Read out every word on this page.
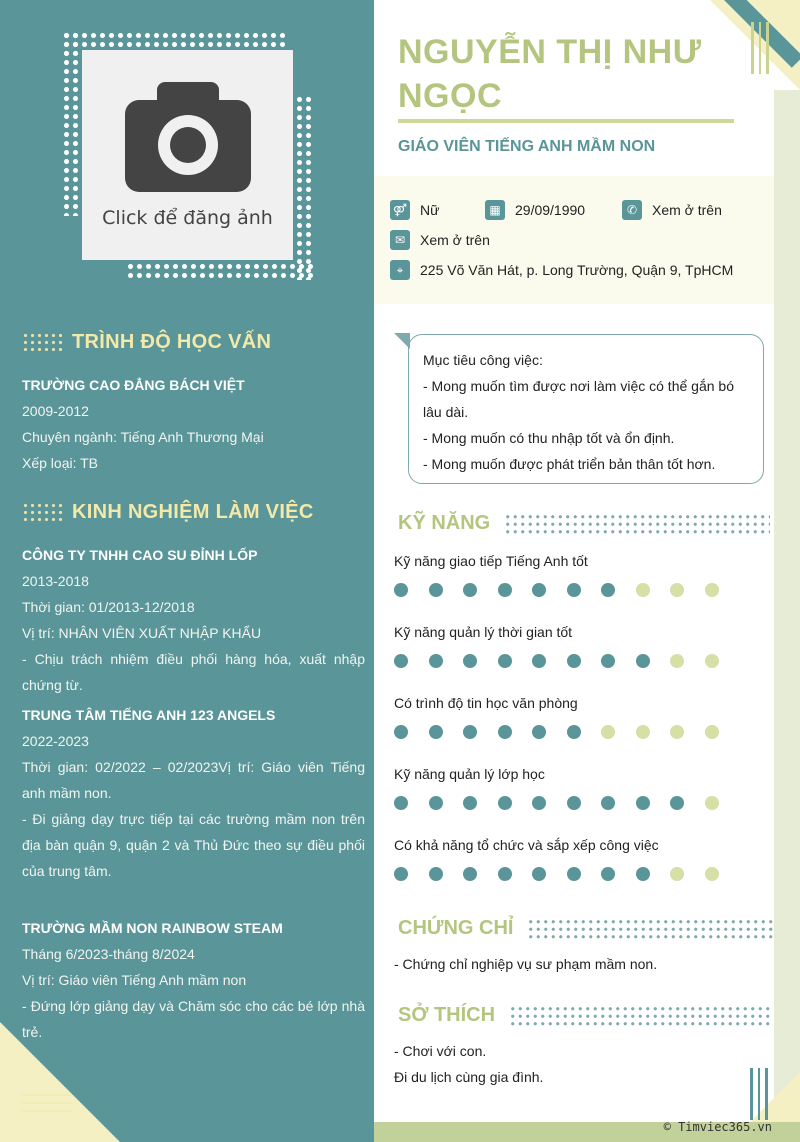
Click để đăng ảnh
TRÌNH ĐỘ HỌC VẤN
TRƯỜNG CAO ĐẲNG BÁCH VIỆT
2009-2012
Chuyên ngành: Tiếng Anh Thương Mại
Xếp loại: TB
KINH NGHIỆM LÀM VIỆC
CÔNG TY TNHH CAO SU ĐỈNH LỐP
2013-2018
Thời gian: 01/2013-12/2018
Vị trí: NHÂN VIÊN XUẤT NHẬP KHẨU
- Chịu trách nhiệm điều phối hàng hóa, xuất nhập chứng từ.
TRUNG TÂM TIẾNG ANH 123 ANGELS
2022-2023
Thời gian: 02/2022 – 02/2023Vị trí: Giáo viên Tiếng anh mầm non.
- Đi giảng dạy trực tiếp tại các trường mầm non trên địa bàn quận 9, quận 2 và Thủ Đức theo sự điều phối của trung tâm.
TRƯỜNG MẦM NON RAINBOW STEAM
Tháng 6/2023-tháng 8/2024
Vị trí: Giáo viên Tiếng Anh mầm non
- Đứng lớp giảng dạy và Chăm sóc cho các bé lớp nhà trẻ.
NGUYỄN THỊ NHƯ
NGỌC
GIÁO VIÊN TIẾNG ANH MẦM NON
⚤ Nữ	▦	29/09/1990	✆	Xem ở trên
✉	Xem ở trên
⌖	225 Võ Văn Hát, p. Long Trường, Quận 9, TpHCM
Mục tiêu công việc:
- Mong muốn tìm được nơi làm việc có thể gắn bó lâu dài.
- Mong muốn có thu nhập tốt và ổn định.
- Mong muốn được phát triển bản thân tốt hơn.
KỸ NĂNG
Kỹ năng giao tiếp Tiếng Anh tốt
Kỹ năng quản lý thời gian tốt
Có trình độ tin học văn phòng
Kỹ năng quản lý lớp học
Có khả năng tổ chức và sắp xếp công việc
CHỨNG CHỈ
- Chứng chỉ nghiệp vụ sư phạm mầm non.
SỞ THÍCH
- Chơi với con.
Đi du lịch cùng gia đình.
© Timviec365.vn
